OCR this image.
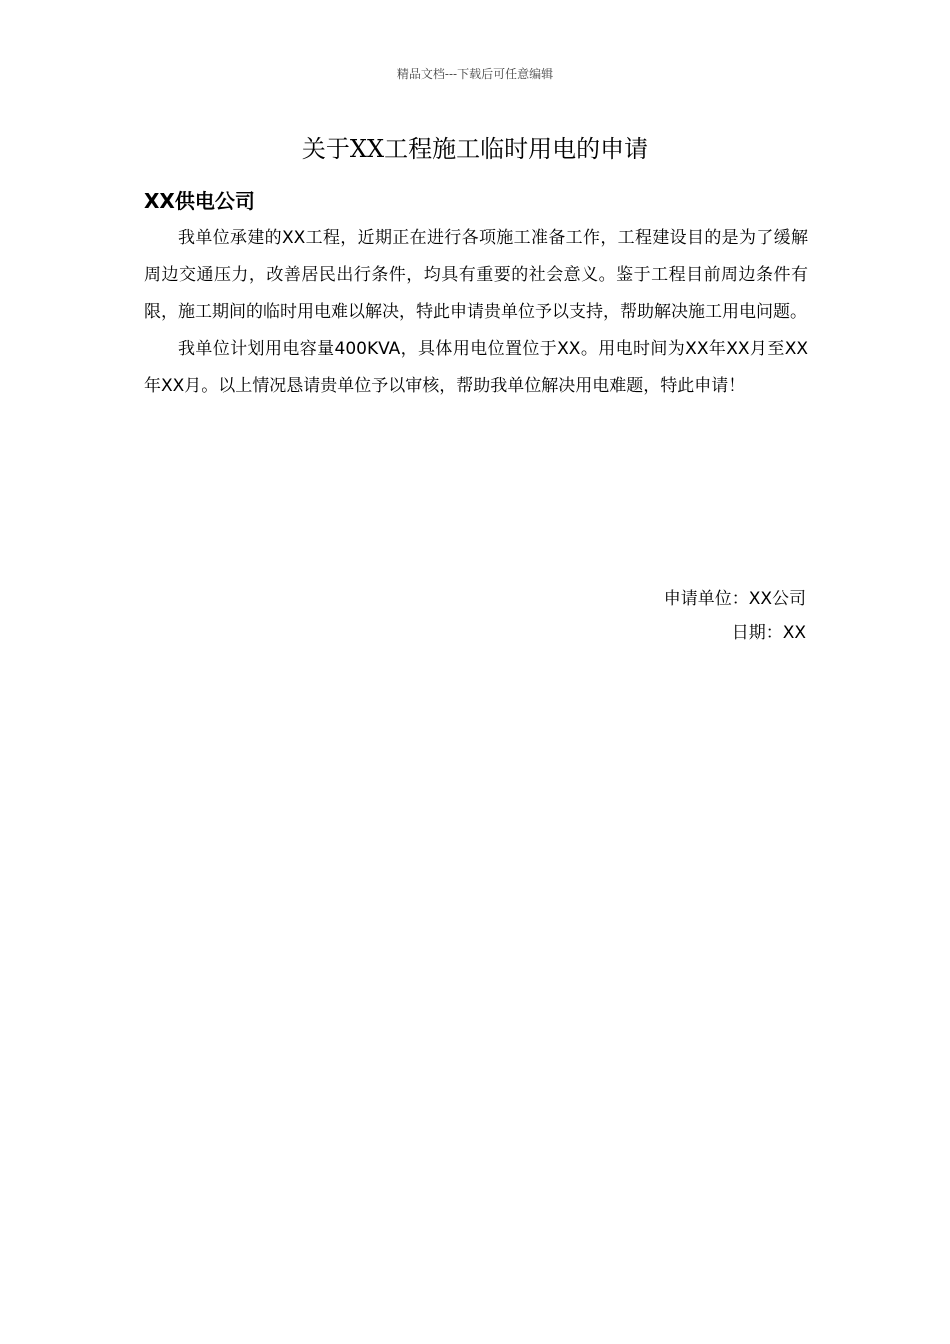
精品文档---下载后可任意编辑
关于XX工程施工临时用电的申请
XX供电公司

我单位承建的XX工程，近期正在进行各项施工准备工作，工程建设目的是为了缓解周边交通压力，改善居民出行条件，均具有重要的社会意义。鉴于工程目前周边条件有限，施工期间的临时用电难以解决，特此申请贵单位予以支持，帮助解决施工用电问题。

我单位计划用电容量400KVA，具体用电位置位于XX。用电时间为XX年XX月至XX年XX月。以上情况恳请贵单位予以审核，帮助我单位解决用电难题，特此申请！

申请单位：XX公司

日期：XX
